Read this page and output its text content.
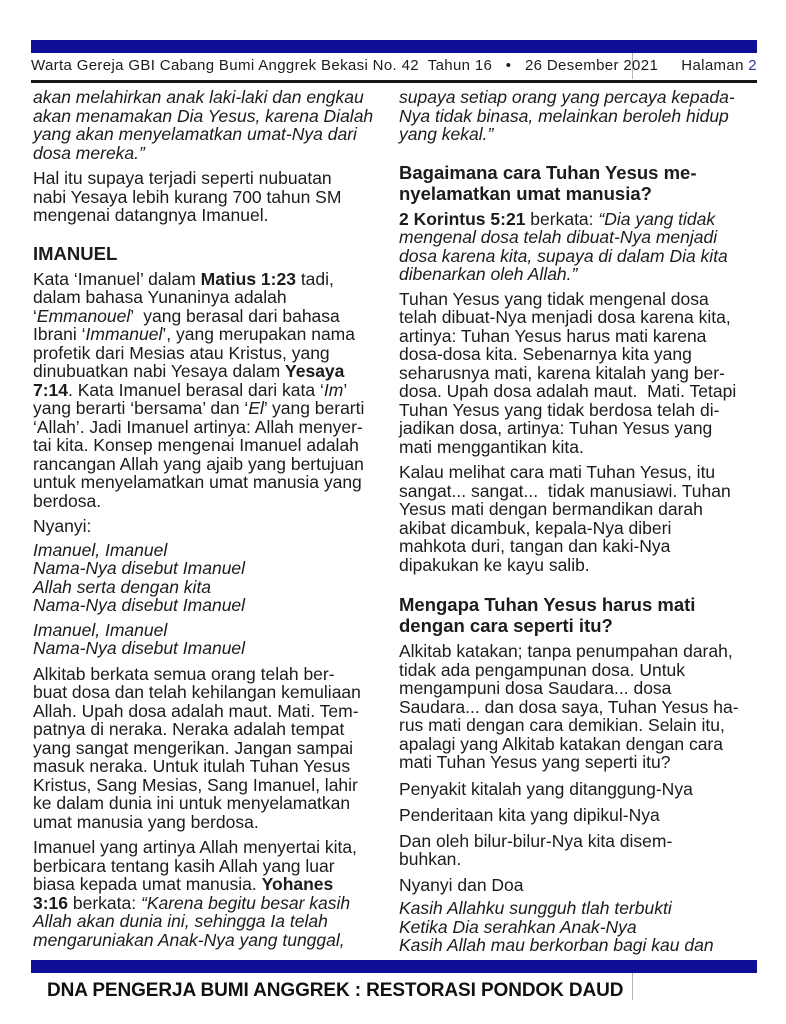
Warta Gereja GBI Cabang Bumi Anggrek Bekasi No. 42  Tahun 16   •   26 Desember 2021 Halaman 2
akan melahirkan anak laki-laki dan engkau
akan menamakan Dia Yesus, karena Dialah
yang akan menyelamatkan umat-Nya dari
dosa mereka.”
Hal itu supaya terjadi seperti nubuatan
nabi Yesaya lebih kurang 700 tahun SM
mengenai datangnya Imanuel.
IMANUEL
Kata ‘Imanuel’ dalam Matius 1:23 tadi,
dalam bahasa Yunaninya adalah
‘Emmanouel’  yang berasal dari bahasa
Ibrani ‘Immanuel’, yang merupakan nama
profetik dari Mesias atau Kristus, yang
dinubuatkan nabi Yesaya dalam Yesaya
7:14. Kata Imanuel berasal dari kata ‘Im’
yang berarti ‘bersama’ dan ‘El’ yang berarti
‘Allah’. Jadi Imanuel artinya: Allah menyer-
tai kita. Konsep mengenai Imanuel adalah
rancangan Allah yang ajaib yang bertujuan
untuk menyelamatkan umat manusia yang
berdosa.
Nyanyi:
Imanuel, Imanuel
Nama-Nya disebut Imanuel
Allah serta dengan kita
Nama-Nya disebut Imanuel
Imanuel, Imanuel
Nama-Nya disebut Imanuel
Alkitab berkata semua orang telah ber-
buat dosa dan telah kehilangan kemuliaan
Allah. Upah dosa adalah maut. Mati. Tem-
patnya di neraka. Neraka adalah tempat
yang sangat mengerikan. Jangan sampai
masuk neraka. Untuk itulah Tuhan Yesus
Kristus, Sang Mesias, Sang Imanuel, lahir
ke dalam dunia ini untuk menyelamatkan
umat manusia yang berdosa.
Imanuel yang artinya Allah menyertai kita,
berbicara tentang kasih Allah yang luar
biasa kepada umat manusia. Yohanes
3:16 berkata: “Karena begitu besar kasih
Allah akan dunia ini, sehingga Ia telah
mengaruniakan Anak-Nya yang tunggal,
supaya setiap orang yang percaya kepada-
Nya tidak binasa, melainkan beroleh hidup
yang kekal.”
Bagaimana cara Tuhan Yesus me-
nyelamatkan umat manusia?
2 Korintus 5:21 berkata: “Dia yang tidak
mengenal dosa telah dibuat-Nya menjadi
dosa karena kita, supaya di dalam Dia kita
dibenarkan oleh Allah.”
Tuhan Yesus yang tidak mengenal dosa
telah dibuat-Nya menjadi dosa karena kita,
artinya: Tuhan Yesus harus mati karena
dosa-dosa kita. Sebenarnya kita yang
seharusnya mati, karena kitalah yang ber-
dosa. Upah dosa adalah maut.  Mati. Tetapi
Tuhan Yesus yang tidak berdosa telah di-
jadikan dosa, artinya: Tuhan Yesus yang
mati menggantikan kita.
Kalau melihat cara mati Tuhan Yesus, itu
sangat... sangat...  tidak manusiawi. Tuhan
Yesus mati dengan bermandikan darah
akibat dicambuk, kepala-Nya diberi
mahkota duri, tangan dan kaki-Nya
dipakukan ke kayu salib.
Mengapa Tuhan Yesus harus mati
dengan cara seperti itu?
Alkitab katakan; tanpa penumpahan darah,
tidak ada pengampunan dosa. Untuk
mengampuni dosa Saudara... dosa
Saudara... dan dosa saya, Tuhan Yesus ha-
rus mati dengan cara demikian. Selain itu,
apalagi yang Alkitab katakan dengan cara
mati Tuhan Yesus yang seperti itu?
Penyakit kitalah yang ditanggung-Nya
Penderitaan kita yang dipikul-Nya
Dan oleh bilur-bilur-Nya kita disem-
buhkan.
Nyanyi dan Doa
Kasih Allahku sungguh tlah terbukti
Ketika Dia serahkan Anak-Nya
Kasih Allah mau berkorban bagi kau dan
DNA PENGERJA BUMI ANGGREK : RESTORASI PONDOK DAUD
